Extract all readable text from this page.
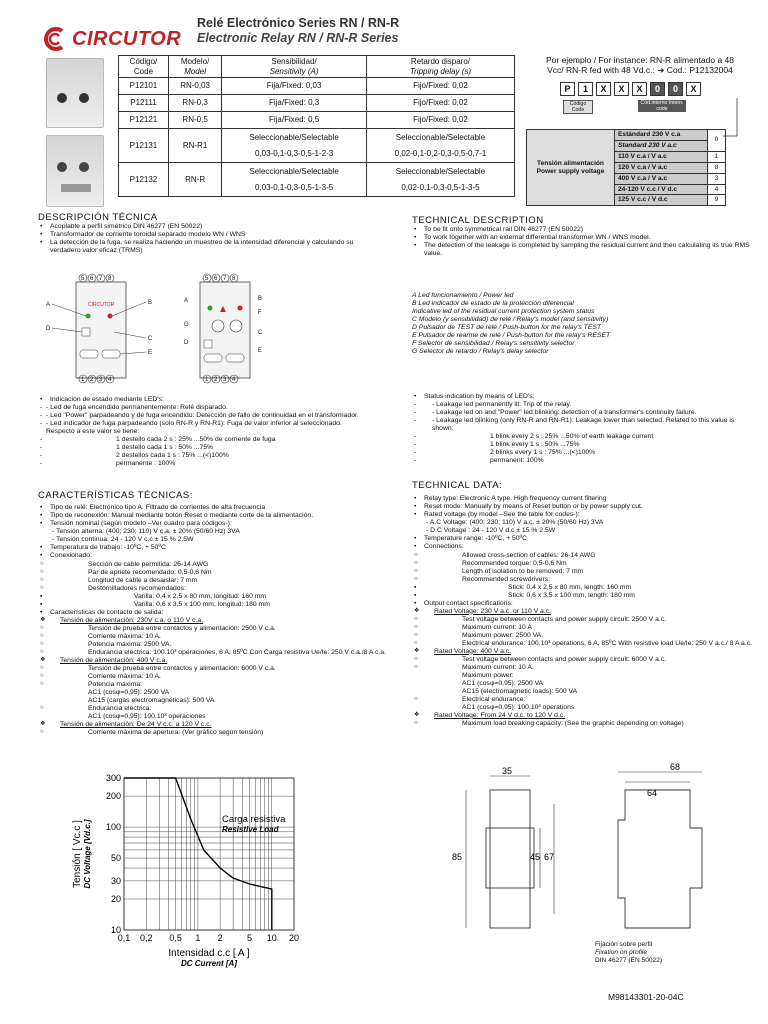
CIRCUTOR
Relé Electrónico Series RN / RN-R
Electronic Relay RN / RN-R Series
Código/
Code	Modelo/
Model	Sensibilidad/
Sensitivity (A)	Retardo disparo/
Tripping delay (s)
P12101	RN-0,03	Fija/Fixed: 0,03	Fijo/Fixed: 0,02
P12111	RN-0,3	Fija/Fixed: 0,3	Fijo/Fixed: 0,02
P12121	RN-0,5	Fija/Fixed: 0,5	Fijo/Fixed: 0,02
P12131	RN-R1	Seleccionable/Selectable	Seleccionable/Selectable
		0,03-0,1-0,3-0,5-1-2-3	0,02-0,1-0,2-0,3-0,5-0,7-1
P12132	RN-R	Seleccionable/Selectable	Seleccionable/Selectable
		0,03-0,1-0,3-0,5-1-3-5	0,02-0,1-0,3-0,5-1-3-5
Por ejemplo / For instance: RN-R alimentado a 48
Vcc/ RN-R fed with 48 Vd.c.: ➔ Cod.: P12132004
P	1	X	X	X	0	0	X
Código Code
Cód.interno Intern. code
Tensión alimentación Power supply voltage	Estándard 230 V c.a	0
	Standard 230 V a.c	
	110 V c.a / V a.c	1
	120 V c.a / V a.c	8
	400 V c.a / V a.c	3
	24-120 V c.c / V d.c	4
	125 V c.c / V d.c	9
DESCRIPCIÓN TÉCNICA
• Acoplable a perfil simétrico DIN 46277 (EN 50022)
• Transformador de corriente toroidal separado modelo WN / WNS
• La detección de la fuga, se realiza haciendo un muestreo de la intensidad diferencial y calculando su verdadero valor eficaz (TRMS)
TECHNICAL DESCRIPTION
• To be fit onto symmetrical rail DIN 46277 (EN 50022)
• To work together with an external differential transformer WN / WNS model.
• The detection of the leakage is completed by sampling the residual current and then calculating its true RMS value.
5 6 7 8
1 2 3 4
A	B
C
D
E
CIRCUTOR
5 6 7 8
1 2 3 4
A	B
F
C
G
D
E

A Led funcionamiento / Power led

B Led indicador de estado de la protección diferencial

Indicative led of the residual current protection system status

C Modelo (y sensibilidad) de relé / Relay's model (and sensitivity)

D Pulsador de TEST de relé / Push-button for the relay's TEST

E Pulsador de rearme de relé / Push-button for the relay's RESET

F Selector de sensibilidad / Relay's sensitivity selector

G Selector de retardo / Relay's delay selector

• Indicación de estado mediante LED's:
- - Led de fuga encendido permanentemente: Relé disparado.
- - Led "Power" parpadeando y de fuga encendido: Detección de fallo de continuidad en el transformador.
- - Led indicador de fuga parpadeando (solo RN-R y RN-R1): Fuga de valor inferior al seleccionado. Respecto a este valor se tiene:
- 1 destello cada 2 s : 25% ...50% de corriente de fuga
- 1 destello cada 1 s : 50% ...75%
- 2 destellos cada 1 s : 75% ...(<)100%
- permanente : 100%
• Status indication by means of LED's:
- - Leakage led permanently lit: Trip of the relay.
- - Leakage led on and "Power" led blinking: detection of a transformer's continuity failure.
- - Leakage led blinking (only RN-R and RN-R1): Leakage lower than selected. Related to this value is shown:
- 1 blink every 2 s : 25% ...50% of earth leakage current
- 1 blink every 1 s : 50% ...75%
- 2 blinks every 1 s : 75% ...(<)100%
- permanent: 100%
CARACTERÍSTICAS TÉCNICAS:
• Tipo de relé: Electrónico tipo A. Filtrado de corrientes de alta frecuencia
• Tipo de reconexión: Manual mediante botón Reset o mediante corte de la alimentación.
• Tensión nominal (según modelo –Ver cuadro para códigos-):
- Tensión alterna: (400; 230; 110) V c.a. ± 20% (50/60 Hz) 3VA
- Tensión continua: 24 - 120 V c.c ± 15 % 2.5W
• Temperatura de trabajo: -10ºC, + 50ºC
• Conexionado:
○ Sección de cable permitida: 26-14 AWG
○ Par de apriete recomendado: 0,5-0,6 Nm
○ Longitud de cable a desaislar: 7 mm
○ Destornilladores recomendados:
▪ Varilla: 0,4 x 2,5 x 80 mm, longitud: 160 mm
▪ Varilla: 0,6 x 3,5 x 100 mm, longitud: 180 mm
• Características de contacto de salida:
❖ Tensión de alimentación: 230V c.a. o 110 V c.a.
○ Tensión de prueba entre contactos y alimentación: 2500 V c.a.
○ Corriente máxima: 10 A.
○ Potencia máxima: 2500 VA.
○ Endurancia eléctrica: 100.10³ operaciones, 6 A, 85ºC Con Carga resistiva Ue/Ie: 250 V c.a./8 A c.a.
❖ Tensión de alimentación: 400 V c.a.
○ Tensión de prueba entre contactos y alimentación: 6000 V c.a.
○ Corriente máxima: 10 A.
○ Potencia máxima:
AC1 (cosφ=0,95): 2500 VA
AC15 (cargas electromagnéticas): 500 VA
○ Endurancia eléctrica:
AC1 (cosφ=0,95): 100.10³ operaciones
❖ Tensión de alimentación: De 24 V c.c. a 120 V c.c.
○ Corriente máxima de apertura: (Ver gráfico según tensión)
TECHNICAL DATA:
• Relay type: Electronic A type. High frequency current filtering
• Reset mode: Manually by means of Reset button or by power supply cut.
• Rated voltage (by model –See the table for codes-):
- A.C Voltage: (400; 230; 110) V a.c. ± 20% (50/60 Hz) 3VA
- D.C Voltage : 24 - 120 V d.c ± 15 % 2.5W
• Temperature range: -10ºC, + 50ºC
• Connections:
○ Allowed cross-section of cables: 26-14 AWG
○ Recommended torque: 0,5-0,6 Nm
○ Length of isolation to be removed: 7 mm
○ Recommended screwdrivers:
▪ Stick: 0,4 x 2,5 x 80 mm, length: 160 mm
▪ Stick: 0,6 x 3,5 x 100 mm, length: 180 mm
• Output contact specifications:
❖ Rated Voltage: 230 V a.c. or 110 V a.c.
○ Test voltage between contacts and power supply circuit: 2500 V a.c.
○ Maximum current: 10 A
○ Maximum power: 2500 VA.
○ Electrical endurance: 100.10³ operations, 6 A, 85ºC With resistive load Ue/Ie: 250 V a.c./ 8 A a.c.
❖ Rated Voltage: 400 V a.c.
○ Test voltage between contacts and power supply circuit: 6000 V a.c.
○ Maximum current: 10 A.
Maximum power:
AC1 (cosφ=0,95): 2500 VA
AC15 (electromagnetic loads): 500 VA
○ Electrical endurance:
AC1 (cosφ=0,95): 100.10³ operations
❖ Rated Voltage: From 24 V d.c. to 120 V d.c.
○ Maximum load breaking capacity: (See the graphic depending on voltage)
0,1 0,2 0,5 1 2	5 10 20
10
20
30
50
100
200
300
Carga resistiva
Resistive Load
Intensidad c.c [ A ]
DC Current [A]
Tensión [ Vc.c ] DC Voltage [Vd.c.]
35
85	45 67
68
64
Fijación sobre perfil
Fixation on profile
DIN 46277 (EN 50022)
M98143301-20-04C
